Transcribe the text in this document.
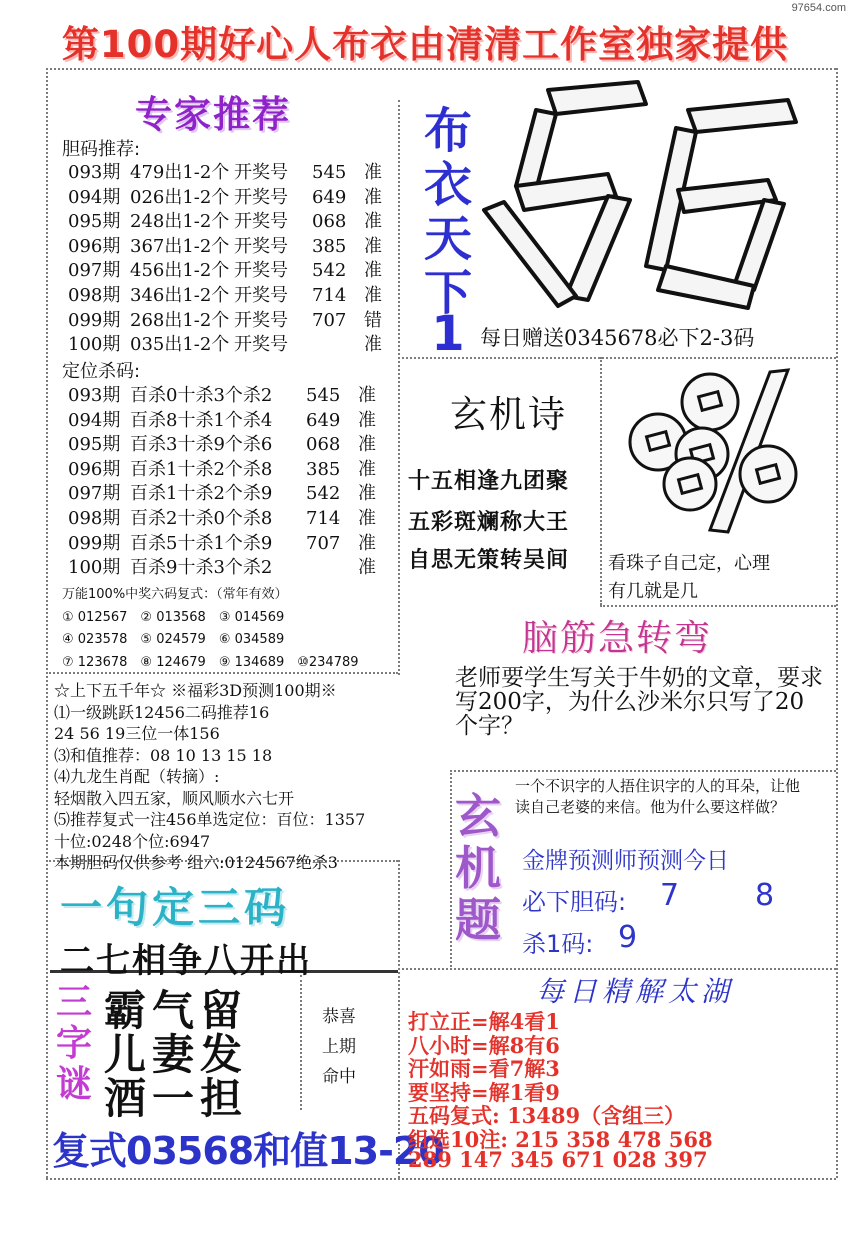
97654.com
第100期好心人布衣由清清工作室独家提供
专家推荐
胆码推荐:
093期 479出1-2个 开奖号 545 准
094期 026出1-2个 开奖号 649 准
095期 248出1-2个 开奖号 068 准
096期 367出1-2个 开奖号 385 准
097期 456出1-2个 开奖号 542 准
098期 346出1-2个 开奖号 714 准
099期 268出1-2个 开奖号 707 错
100期 035出1-2个 开奖号	准
定位杀码:
093期 百杀0十杀3个杀2 545 准
094期 百杀8十杀1个杀4 649 准
095期 百杀3十杀9个杀6 068 准
096期 百杀1十杀2个杀8 385 准
097期 百杀1十杀2个杀9 542 准
098期 百杀2十杀0个杀8 714 准
099期 百杀5十杀1个杀9 707 准
100期 百杀9十杀3个杀2	准
万能100%中奖六码复式：（常年有效）
① 012567　② 013568　③ 014569
④ 023578　⑤ 024579　⑥ 034589
⑦ 123678　⑧ 124679　⑨ 134689　⑩234789
☆上下五千年☆ ※福彩3D预测100期※
⑴一级跳跃12456二码推荐16
24 56 19三位一体156
⑶和值推荐：08 10 13 15 18
⑷九龙生肖配（转摘）:
轻烟散入四五家，顺风顺水六七开
⑸推荐复式一注456单选定位：百位：1357
十位:0248个位:6947
本期胆码仅供参考 组六:0124567绝杀3
布衣天下
1
56
每日赠送0345678必下2-3码
玄机诗
十五相逢九团聚
五彩斑斓称大王
自思无策转吴间 看珠子自己定，心理
有几就是几
脑筋急转弯
老师要学生写关于牛奶的文章，要求写200字，为什么沙米尔只写了20个字？
玄机题
一个不识字的人捂住识字的人的耳朵，让他读自己老婆的来信。他为什么要这样做？
金牌预测师预测今日
必下胆码: 7	8
杀1码: 9
一句定三码
二七相争八开出
三字谜
霸气留
儿妻发
酒一担
恭喜
上期
命中
复式03568和值13-20
每日精解太湖
打立正=解4看1
八小时=解8有6
汗如雨=看7解3
要坚持=解1看9
五码复式: 13489（含组三）
组选10注: 215 358 478 568
289 147 345 671 028 397
